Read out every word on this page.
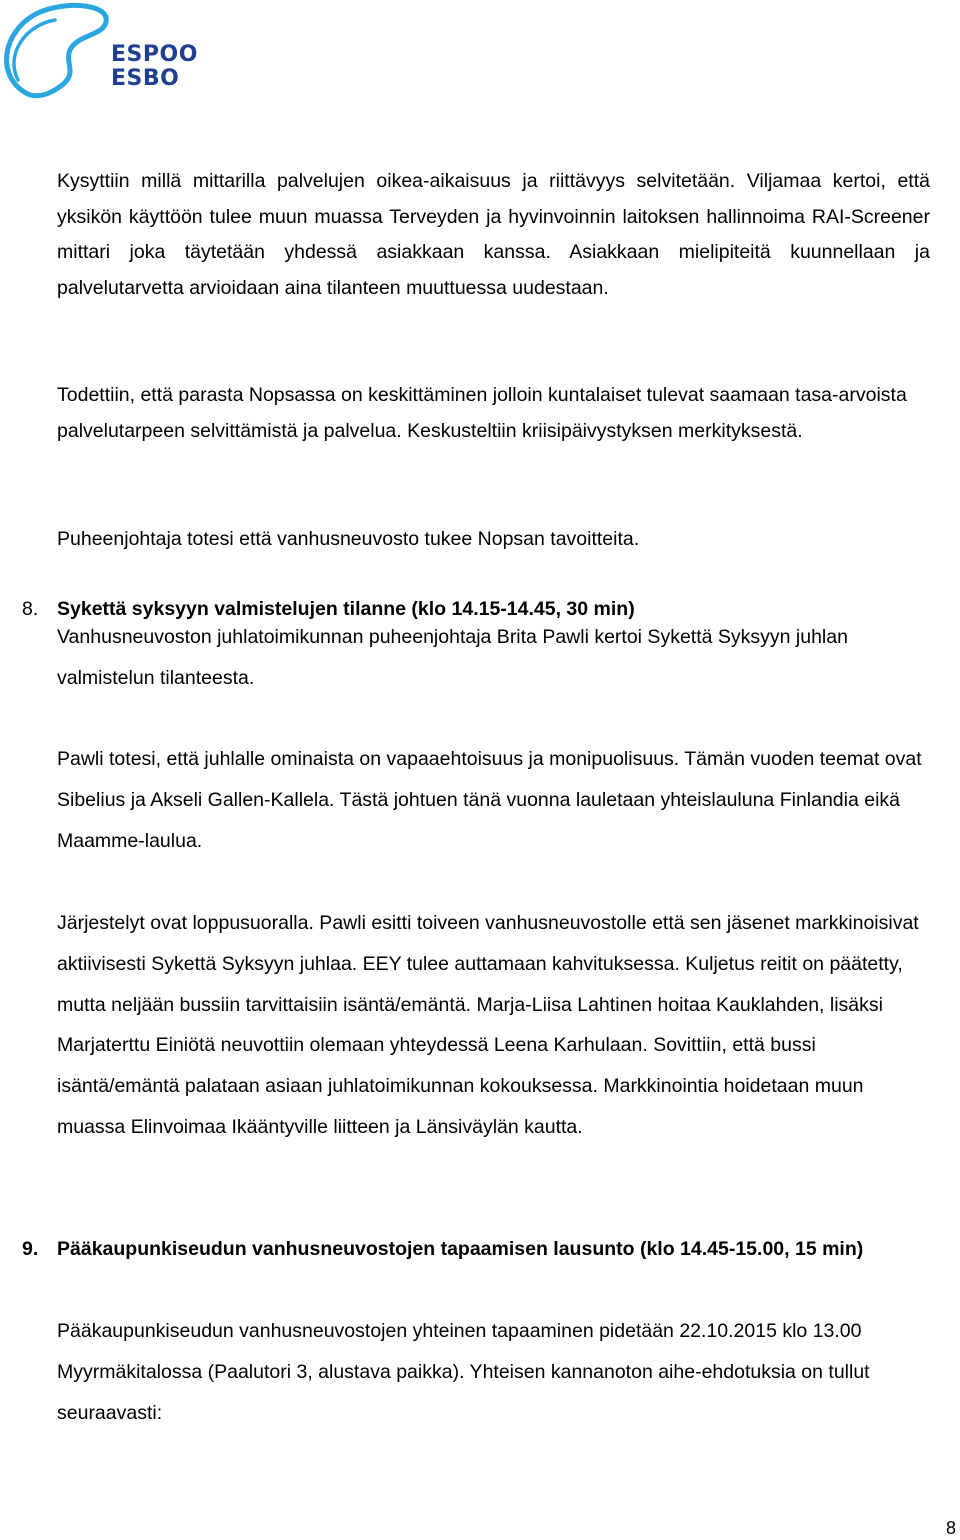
ESPOO
ESBO

Kysyttiin millä mittarilla palvelujen oikea-aikaisuus ja riittävyys selvitetään. Viljamaa kertoi, että yksikön käyttöön tulee muun muassa Terveyden ja hyvinvoinnin laitoksen hallinnoima RAI-Screener mittari joka täytetään yhdessä asiakkaan kanssa. Asiakkaan mielipiteitä kuunnellaan ja palvelutarvetta arvioidaan aina tilanteen muuttuessa uudestaan.

Todettiin, että parasta Nopsassa on keskittäminen jolloin kuntalaiset tulevat saamaan tasa-arvoista palvelutarpeen selvittämistä ja palvelua. Keskusteltiin kriisipäivystyksen merkityksestä.

Puheenjohtaja totesi että vanhusneuvosto tukee Nopsan tavoitteita.

8. Sykettä syksyyn valmistelujen tilanne (klo 14.15-14.45, 30 min)

Vanhusneuvoston juhlatoimikunnan puheenjohtaja Brita Pawli kertoi Sykettä Syksyyn juhlan valmistelun tilanteesta.

Pawli totesi, että juhlalle ominaista on vapaaehtoisuus ja monipuolisuus. Tämän vuoden teemat ovat Sibelius ja Akseli Gallen-Kallela. Tästä johtuen tänä vuonna lauletaan yhteislauluna Finlandia eikä Maamme-laulua.

Järjestelyt ovat loppusuoralla. Pawli esitti toiveen vanhusneuvostolle että sen jäsenet markkinoisivat aktiivisesti Sykettä Syksyyn juhlaa. EEY tulee auttamaan kahvituksessa. Kuljetus reitit on päätetty, mutta neljään bussiin tarvittaisiin isäntä/emäntä. Marja-Liisa Lahtinen hoitaa Kauklahden, lisäksi Marjaterttu Einiötä neuvottiin olemaan yhteydessä Leena Karhulaan. Sovittiin, että bussi isäntä/emäntä palataan asiaan juhlatoimikunnan kokouksessa. Markkinointia hoidetaan muun muassa Elinvoimaa Ikääntyville liitteen ja Länsiväylän kautta.

9. Pääkaupunkiseudun vanhusneuvostojen tapaamisen lausunto (klo 14.45-15.00, 15 min)

Pääkaupunkiseudun vanhusneuvostojen yhteinen tapaaminen pidetään 22.10.2015 klo 13.00 Myyrmäkitalossa (Paalutori 3, alustava paikka). Yhteisen kannanoton aihe-ehdotuksia on tullut seuraavasti:

8
